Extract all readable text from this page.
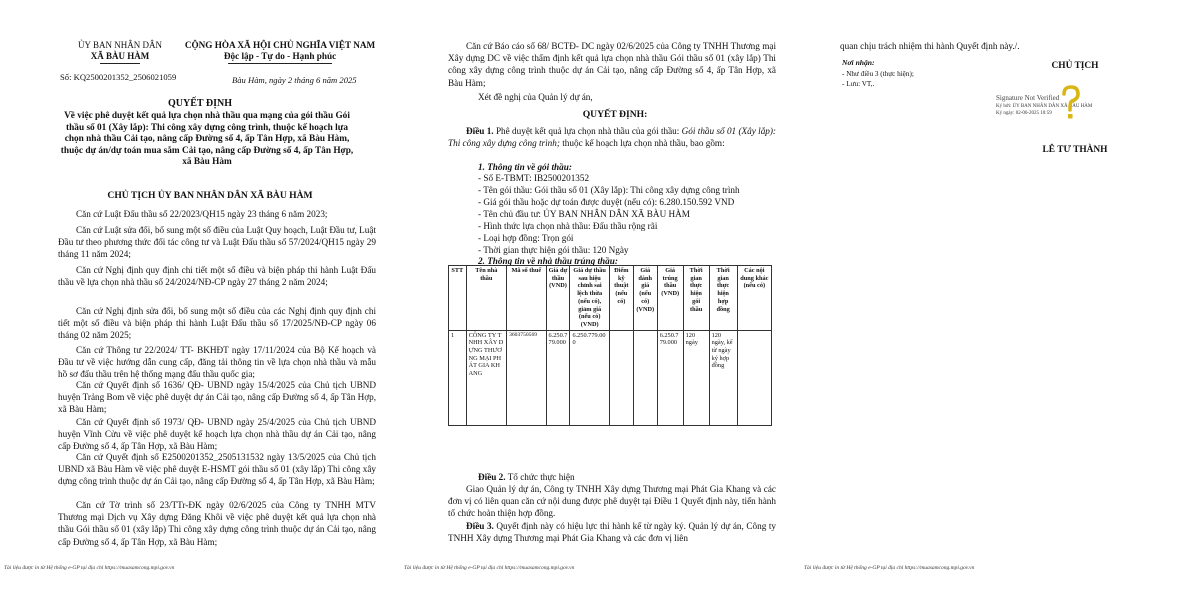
ỦY BAN NHÂN DÂN
XÃ BÀU HÀM
CỘNG HÒA XÃ HỘI CHỦ NGHĨA VIỆT NAM
Độc lập - Tự do - Hạnh phúc
Số: KQ2500201352_2506021059	Bàu Hàm, ngày 2 tháng 6 năm 2025
QUYẾT ĐỊNH
Về việc phê duyệt kết quả lựa chọn nhà thầu qua mạng của gói thầu Gói thầu số 01 (Xây lắp): Thi công xây dựng công trình, thuộc kế hoạch lựa chọn nhà thầu Cải tạo, nâng cấp Đường số 4, ấp Tân Hợp, xã Bàu Hàm, thuộc dự án/dự toán mua sắm Cải tạo, nâng cấp Đường số 4, ấp Tân Hợp, xã Bàu Hàm
CHỦ TỊCH ỦY BAN NHÂN DÂN XÃ BÀU HÀM
Căn cứ Luật Đấu thầu số 22/2023/QH15 ngày 23 tháng 6 năm 2023;
Căn cứ Luật sửa đổi, bổ sung một số điều của Luật Quy hoạch, Luật Đầu tư, Luật Đầu tư theo phương thức đối tác công tư và Luật Đấu thầu số 57/2024/QH15 ngày 29 tháng 11 năm 2024;
Căn cứ Nghị định quy định chi tiết một số điều và biện pháp thi hành Luật Đấu thầu về lựa chọn nhà thầu số 24/2024/NĐ-CP ngày 27 tháng 2 năm 2024;
Căn cứ Nghị định sửa đổi, bổ sung một số điều của các Nghị định quy định chi tiết một số điều và biện pháp thi hành Luật Đấu thầu số 17/2025/NĐ-CP ngày 06 tháng 02 năm 2025;
Căn cứ Thông tư 22/2024/ TT- BKHĐT ngày 17/11/2024 của Bộ Kế hoạch và Đầu tư về việc hướng dẫn cung cấp, đăng tải thông tin về lựa chọn nhà thầu và mẫu hồ sơ đấu thầu trên hệ thống mạng đấu thầu quốc gia;
Căn cứ Quyết định số 1636/ QĐ- UBND ngày 15/4/2025 của Chủ tịch UBND huyện Trảng Bom về việc phê duyệt dự án Cải tạo, nâng cấp Đường số 4, ấp Tân Hợp, xã Bàu Hàm;
Căn cứ Quyết định số 1973/ QĐ- UBND ngày 25/4/2025 của Chủ tịch UBND huyện Vĩnh Cửu về việc phê duyệt kế hoạch lựa chọn nhà thầu dự án Cải tạo, nâng cấp Đường số 4, ấp Tân Hợp, xã Bàu Hàm;
Căn cứ Quyết định số E2500201352_2505131532 ngày 13/5/2025 của Chủ tịch UBND xã Bàu Hàm về việc phê duyệt E-HSMT gói thầu số 01 (xây lắp) Thi công xây dựng công trình thuộc dự án Cải tạo, nâng cấp Đường số 4, ấp Tân Hợp, xã Bàu Hàm;
Căn cứ Tờ trình số 23/TTr-ĐK ngày 02/6/2025 của Công ty TNHH MTV Thương mại Dịch vụ Xây dựng Đăng Khôi về việc phê duyệt kết quả lựa chọn nhà thầu Gói thầu số 01 (xây lắp) Thi công xây dựng công trình thuộc dự án Cải tạo, nâng cấp Đường số 4, ấp Tân Hợp, xã Bàu Hàm;
Tài liệu được in từ Hệ thống e-GP tại địa chỉ https://muasamcong.mpi.gov.vn
Căn cứ Báo cáo số 68/ BCTĐ- DC ngày 02/6/2025 của Công ty TNHH Thương mại Xây dựng DC về việc thẩm định kết quả lựa chọn nhà thầu Gói thầu số 01 (xây lắp) Thi công xây dựng công trình thuộc dự án Cải tạo, nâng cấp Đường số 4, ấp Tân Hợp, xã Bàu Hàm;
Xét đề nghị của Quản lý dự án,
QUYẾT ĐỊNH:
Điều 1. Phê duyệt kết quả lựa chọn nhà thầu của gói thầu: Gói thầu số 01 (Xây lắp): Thi công xây dựng công trình; thuộc kế hoạch lựa chọn nhà thầu, bao gồm:
1. Thông tin về gói thầu:
- Số E-TBMT: IB2500201352
- Tên gói thầu: Gói thầu số 01 (Xây lắp): Thi công xây dựng công trình
- Giá gói thầu hoặc dự toán được duyệt (nếu có): 6.280.150.592 VND
- Tên chủ đầu tư: ỦY BAN NHÂN DÂN XÃ BÀU HÀM
- Hình thức lựa chọn nhà thầu: Đấu thầu rộng rãi
- Loại hợp đồng: Trọn gói
- Thời gian thực hiện gói thầu: 120 Ngày
2. Thông tin về nhà thầu trúng thầu:
STT	Tên nhà thầu	Mã số thuế	Giá dự thầu (VND)	Giá dự thầu sau hiệu chỉnh sai lệch thừa (nếu có), giảm giá (nếu có) (VND)	Điểm kỹ thuật (nếu có)	Giá đánh giá (nếu có) (VND)	Giá trúng thầu (VND)	Thời gian thực hiện gói thầu	Thời gian thực hiện hợp đồng	Các nội dung khác (nếu có)
1	CÔNG TY TNHH XÂY DỰNG THƯƠNG MẠI PHÁT GIA KHANG	3603750569	6.250.779.000	6.250.779.000			6.250.779.000	120 ngày	120 ngày, kể từ ngày ký hợp đồng	
Điều 2. Tổ chức thực hiện
Giao Quản lý dự án, Công ty TNHH Xây dựng Thương mại Phát Gia Khang và các đơn vị có liên quan căn cứ nội dung được phê duyệt tại Điều 1 Quyết định này, tiến hành tổ chức hoàn thiện hợp đồng.
Điều 3. Quyết định này có hiệu lực thi hành kể từ ngày ký. Quản lý dự án, Công ty TNHH Xây dựng Thương mại Phát Gia Khang và các đơn vị liên
Tài liệu được in từ Hệ thống e-GP tại địa chỉ https://muasamcong.mpi.gov.vn
quan chịu trách nhiệm thi hành Quyết định này./.
Nơi nhận:
- Như điều 3 (thực hiện);
- Lưu: VT,.
CHỦ TỊCH
Signature Not Verified
Ký bởi: ỦY BAN NHÂN DÂN XÃ BÀU HÀM
Ký ngày: 02-06-2025 10:59
LÊ TƯ THÀNH
Tài liệu được in từ Hệ thống e-GP tại địa chỉ https://muasamcong.mpi.gov.vn
